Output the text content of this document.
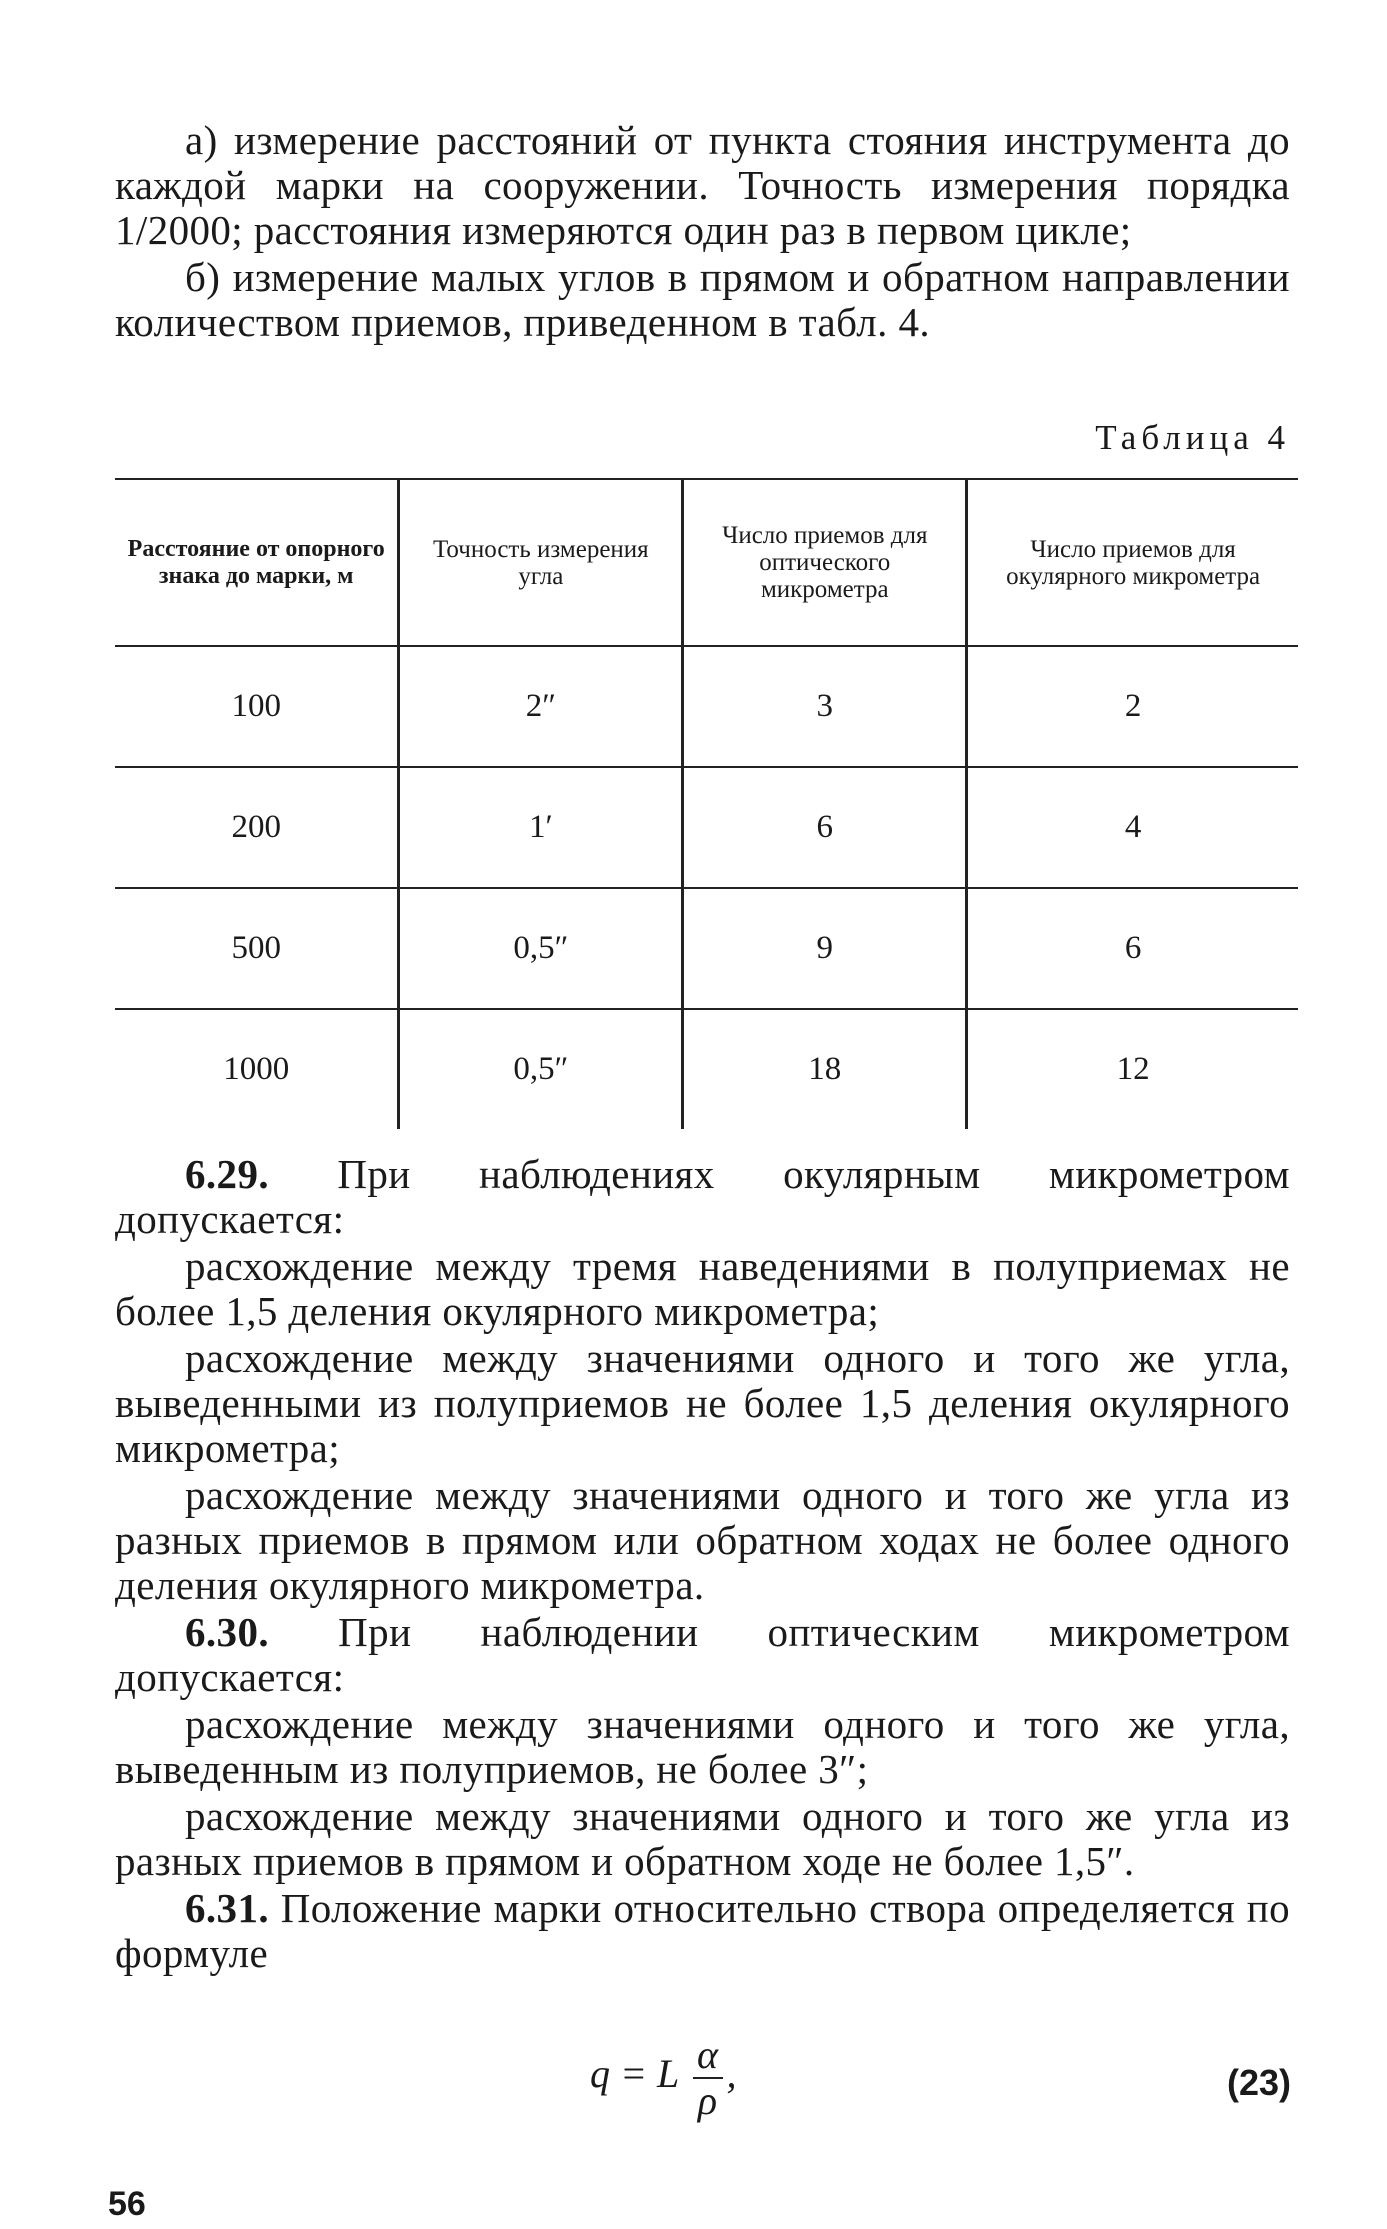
а) измерение расстояний от пункта стояния инструмента до каждой марки на сооружении. Точность измерения порядка 1/2000; расстояния измеряются один раз в первом цикле;

б) измерение малых углов в прямом и обратном направлении количеством приемов, приведенном в табл. 4.

Таблица 4
Расстояние от опорного знака до марки, м	Точность измерения угла	Число приемов для оптического микрометра	Число приемов для окулярного микрометра
100	2″	3	2
200	1′	6	4
500	0,5″	9	6
1000	0,5″	18	12

6.29. При наблюдениях окулярным микрометром допускается:

расхождение между тремя наведениями в полуприемах не более 1,5 деления окулярного микрометра;

расхождение между значениями одного и того же угла, выведенными из полуприемов не более 1,5 деления окулярного микрометра;

расхождение между значениями одного и того же угла из разных приемов в прямом или обратном ходах не более одного деления окулярного микрометра.

6.30. При наблюдении оптическим микрометром допускается:

расхождение между значениями одного и того же угла, выведенным из полуприемов, не более 3″;

расхождение между значениями одного и того же угла из разных приемов в прямом и обратном ходе не более 1,5″.

6.31. Положение марки относительно створа определяется по формуле

q = L $\frac{\alpha}{\rho}$ ,	(23)
56
